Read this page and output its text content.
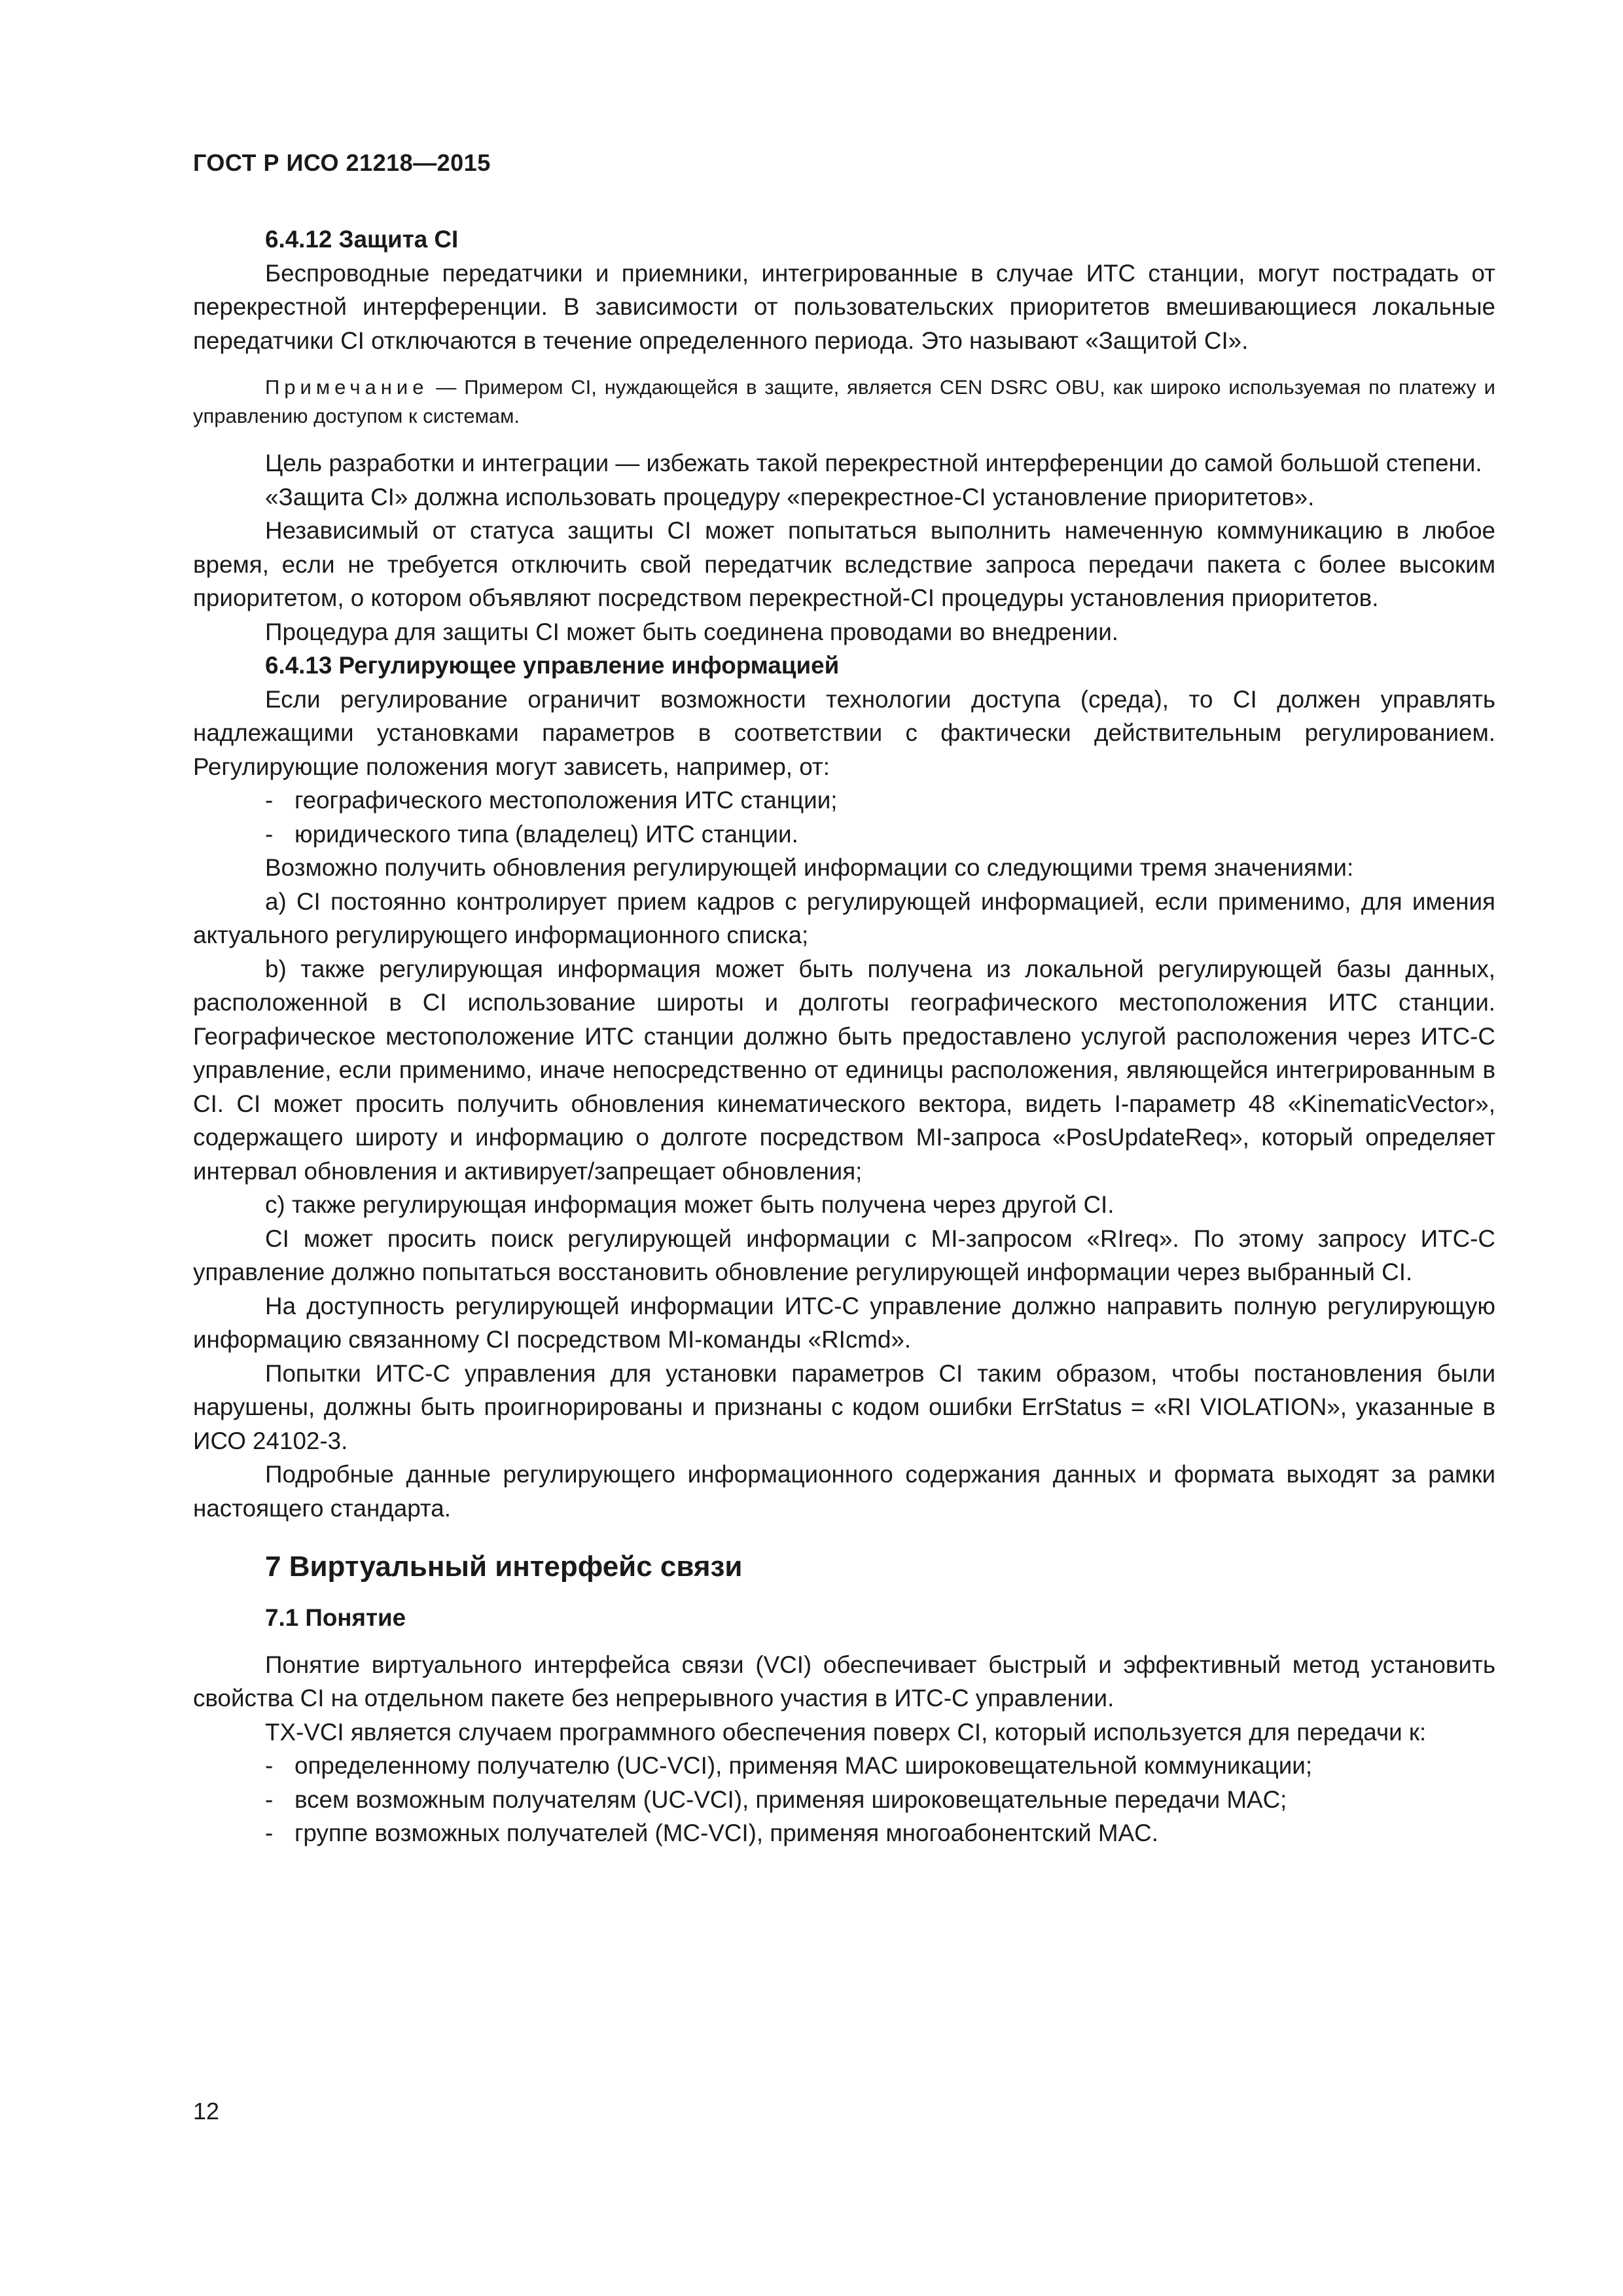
ГОСТ Р ИСО 21218—2015

6.4.12 Защита CI

Беспроводные передатчики и приемники, интегрированные в случае ИТС станции, могут пострадать от перекрестной интерференции. В зависимости от пользовательских приоритетов вмешивающиеся локальные передатчики CI отключаются в течение определенного периода. Это называют «Защитой CI».

Примечание — Примером CI, нуждающейся в защите, является CEN DSRC OBU, как широко используемая по платежу и управлению доступом к системам.

Цель разработки и интеграции — избежать такой перекрестной интерференции до самой большой степени.

«Защита CI» должна использовать процедуру «перекрестное-CI установление приоритетов».

Независимый от статуса защиты CI может попытаться выполнить намеченную коммуникацию в любое время, если не требуется отключить свой передатчик вследствие запроса передачи пакета с более высоким приоритетом, о котором объявляют посредством перекрестной-CI процедуры установления приоритетов.

Процедура для защиты CI может быть соединена проводами во внедрении.

6.4.13 Регулирующее управление информацией

Если регулирование ограничит возможности технологии доступа (среда), то CI должен управлять надлежащими установками параметров в соответствии с фактически действительным регулированием. Регулирующие положения могут зависеть, например, от:

- географического местоположения ИТС станции;

- юридического типа (владелец) ИТС станции.

Возможно получить обновления регулирующей информации со следующими тремя значениями:

a) CI постоянно контролирует прием кадров с регулирующей информацией, если применимо, для имения актуального регулирующего информационного списка;

b) также регулирующая информация может быть получена из локальной регулирующей базы данных, расположенной в CI использование широты и долготы географического местоположения ИТС станции. Географическое местоположение ИТС станции должно быть предоставлено услугой расположения через ИТС-С управление, если применимо, иначе непосредственно от единицы расположения, являющейся интегрированным в CI. CI может просить получить обновления кинематического вектора, видеть I-параметр 48 «KinematicVector», содержащего широту и информацию о долготе посредством MI-запроса «PosUpdateReq», который определяет интервал обновления и активирует/запрещает обновления;

c) также регулирующая информация может быть получена через другой CI.

CI может просить поиск регулирующей информации с MI-запросом «RIreq». По этому запросу ИТС-С управление должно попытаться восстановить обновление регулирующей информации через выбранный CI.

На доступность регулирующей информации ИТС-С управление должно направить полную регулирующую информацию связанному CI посредством MI-команды «RIcmd».

Попытки ИТС-С управления для установки параметров CI таким образом, чтобы постановления были нарушены, должны быть проигнорированы и признаны с кодом ошибки ErrStatus = «RI VIOLATION», указанные в ИСО 24102-3.

Подробные данные регулирующего информационного содержания данных и формата выходят за рамки настоящего стандарта.

7 Виртуальный интерфейс связи

7.1 Понятие

Понятие виртуального интерфейса связи (VCI) обеспечивает быстрый и эффективный метод установить свойства CI на отдельном пакете без непрерывного участия в ИТС-С управлении.

TX-VCI является случаем программного обеспечения поверх CI, который используется для передачи к:

- определенному получателю (UC-VCI), применяя MAC широковещательной коммуникации;

- всем возможным получателям (UC-VCI), применяя широковещательные передачи MAC;

- группе возможных получателей (MC-VCI), применяя многоабонентский MAC.

12
